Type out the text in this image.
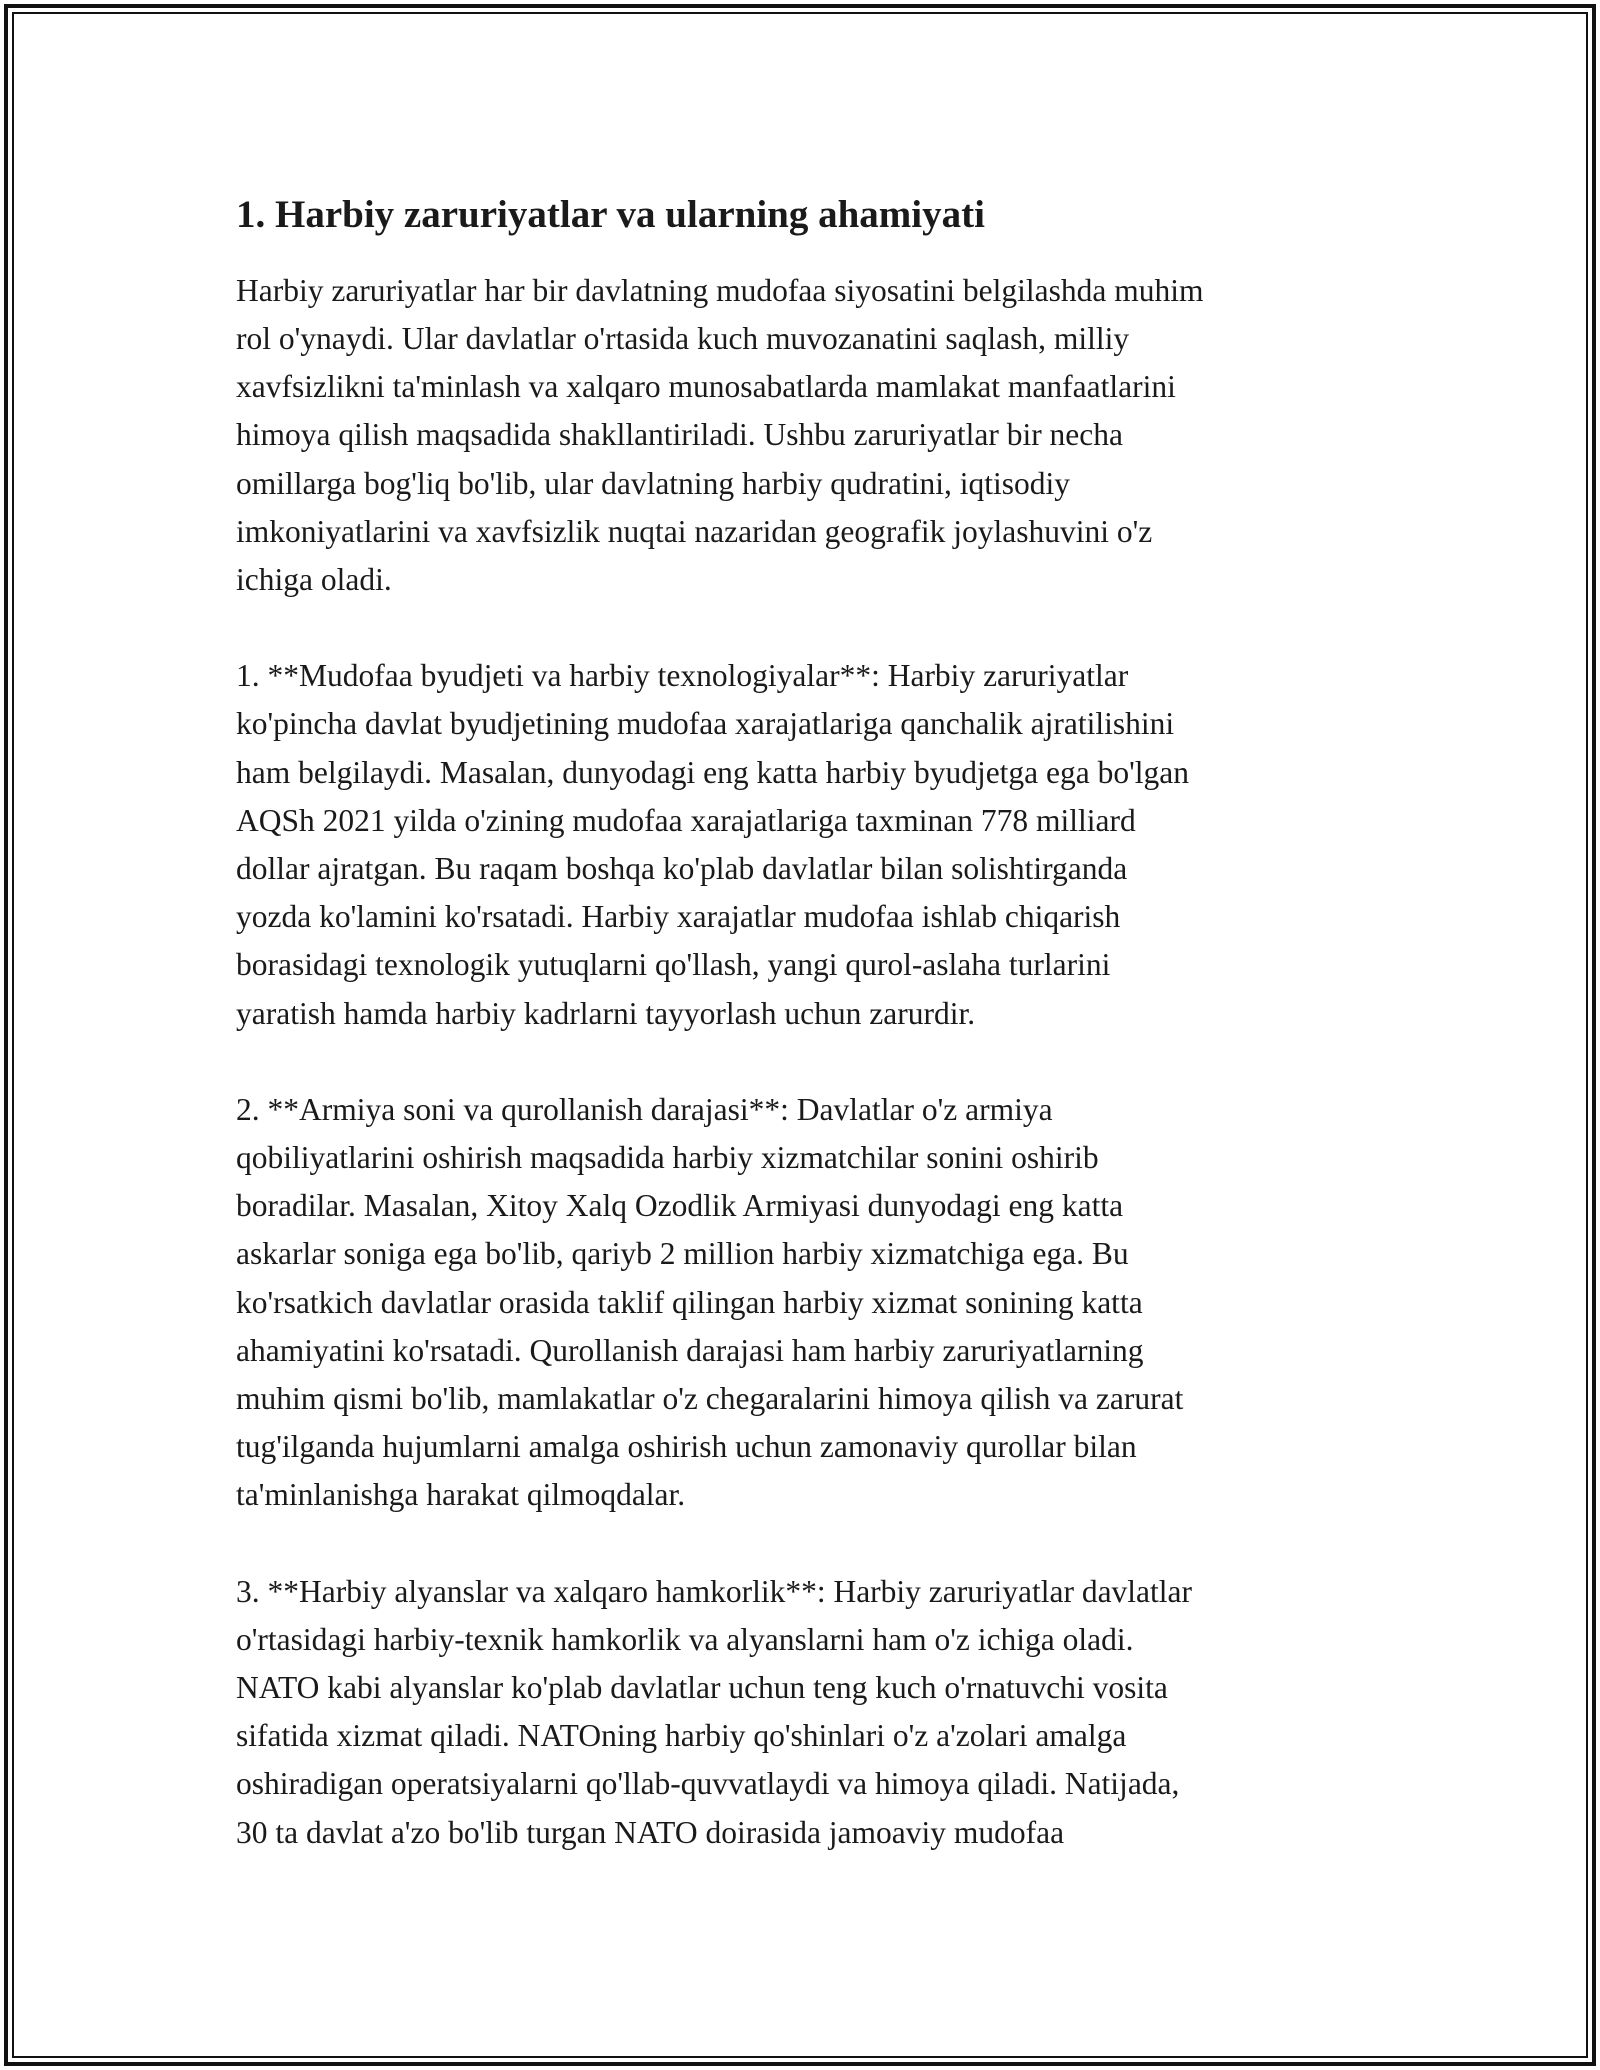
1. Harbiy zaruriyatlar va ularning ahamiyati
Harbiy zaruriyatlar har bir davlatning mudofaa siyosatini belgilashda muhim
rol o'ynaydi. Ular davlatlar o'rtasida kuch muvozanatini saqlash, milliy
xavfsizlikni ta'minlash va xalqaro munosabatlarda mamlakat manfaatlarini
himoya qilish maqsadida shakllantiriladi. Ushbu zaruriyatlar bir necha
omillarga bog'liq bo'lib, ular davlatning harbiy qudratini, iqtisodiy
imkoniyatlarini va xavfsizlik nuqtai nazaridan geografik joylashuvini o'z
ichiga oladi.
1. **Mudofaa byudjeti va harbiy texnologiyalar**: Harbiy zaruriyatlar
ko'pincha davlat byudjetining mudofaa xarajatlariga qanchalik ajratilishini
ham belgilaydi. Masalan, dunyodagi eng katta harbiy byudjetga ega bo'lgan
AQSh 2021 yilda o'zining mudofaa xarajatlariga taxminan 778 milliard
dollar ajratgan. Bu raqam boshqa ko'plab davlatlar bilan solishtirganda
yozda ko'lamini ko'rsatadi. Harbiy xarajatlar mudofaa ishlab chiqarish
borasidagi texnologik yutuqlarni qo'llash, yangi qurol-aslaha turlarini
yaratish hamda harbiy kadrlarni tayyorlash uchun zarurdir.
2. **Armiya soni va qurollanish darajasi**: Davlatlar o'z armiya
qobiliyatlarini oshirish maqsadida harbiy xizmatchilar sonini oshirib
boradilar. Masalan, Xitoy Xalq Ozodlik Armiyasi dunyodagi eng katta
askarlar soniga ega bo'lib, qariyb 2 million harbiy xizmatchiga ega. Bu
ko'rsatkich davlatlar orasida taklif qilingan harbiy xizmat sonining katta
ahamiyatini ko'rsatadi. Qurollanish darajasi ham harbiy zaruriyatlarning
muhim qismi bo'lib, mamlakatlar o'z chegaralarini himoya qilish va zarurat
tug'ilganda hujumlarni amalga oshirish uchun zamonaviy qurollar bilan
ta'minlanishga harakat qilmoqdalar.
3. **Harbiy alyanslar va xalqaro hamkorlik**: Harbiy zaruriyatlar davlatlar
o'rtasidagi harbiy-texnik hamkorlik va alyanslarni ham o'z ichiga oladi.
NATO kabi alyanslar ko'plab davlatlar uchun teng kuch o'rnatuvchi vosita
sifatida xizmat qiladi. NATOning harbiy qo'shinlari o'z a'zolari amalga
oshiradigan operatsiyalarni qo'llab-quvvatlaydi va himoya qiladi. Natijada,
30 ta davlat a'zo bo'lib turgan NATO doirasida jamoaviy mudofaa
